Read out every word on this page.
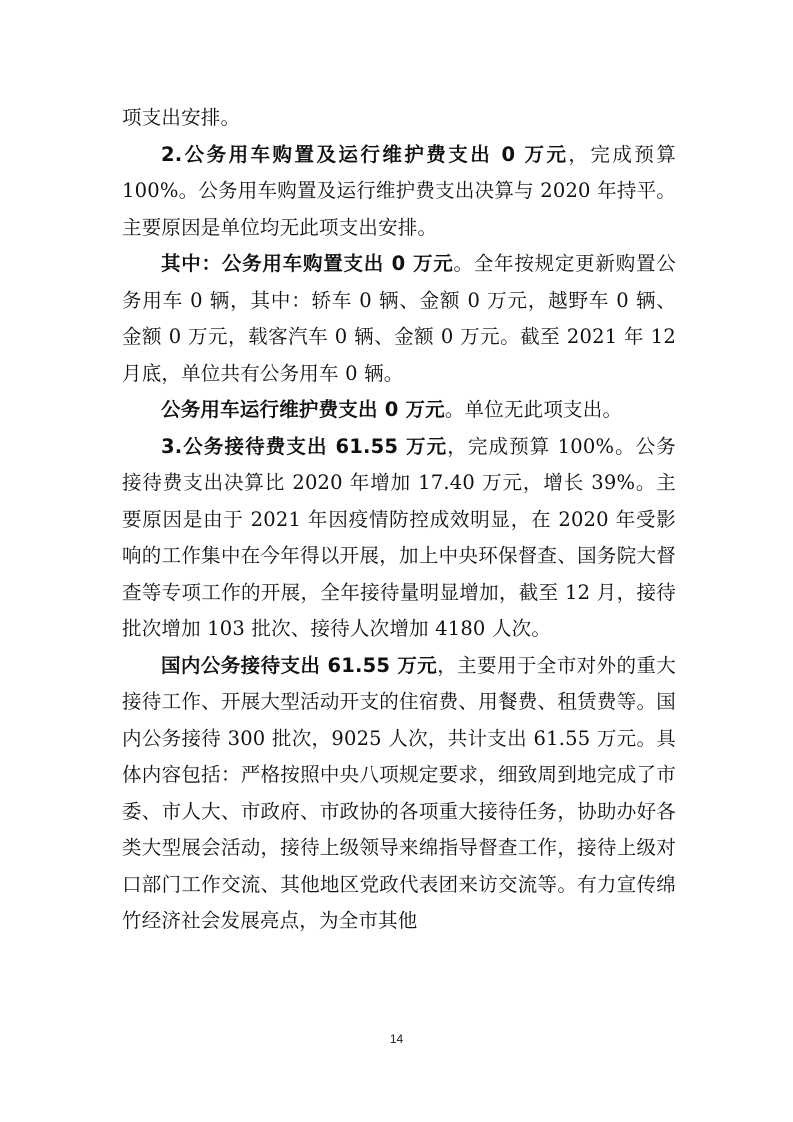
项支出安排。

2.公务用车购置及运行维护费支出 0 万元，完成预算100%。公务用车购置及运行维护费支出决算与 2020 年持平。主要原因是单位均无此项支出安排。

其中：公务用车购置支出 0 万元。全年按规定更新购置公务用车 0 辆，其中：轿车 0 辆、金额 0 万元，越野车 0 辆、金额 0 万元，载客汽车 0 辆、金额 0 万元。截至 2021 年 12 月底，单位共有公务用车 0 辆。

公务用车运行维护费支出 0 万元。单位无此项支出。

3.公务接待费支出 61.55 万元，完成预算 100%。公务接待费支出决算比 2020 年增加 17.40 万元，增长 39%。主要原因是由于 2021 年因疫情防控成效明显，在 2020 年受影响的工作集中在今年得以开展，加上中央环保督查、国务院大督查等专项工作的开展，全年接待量明显增加，截至 12 月，接待批次增加 103 批次、接待人次增加 4180 人次。

国内公务接待支出 61.55 万元，主要用于全市对外的重大接待工作、开展大型活动开支的住宿费、用餐费、租赁费等。国内公务接待 300 批次，9025 人次，共计支出 61.55 万元。具体内容包括：严格按照中央八项规定要求，细致周到地完成了市委、市人大、市政府、市政协的各项重大接待任务，协助办好各类大型展会活动，接待上级领导来绵指导督查工作，接待上级对口部门工作交流、其他地区党政代表团来访交流等。有力宣传绵竹经济社会发展亮点，为全市其他

14
